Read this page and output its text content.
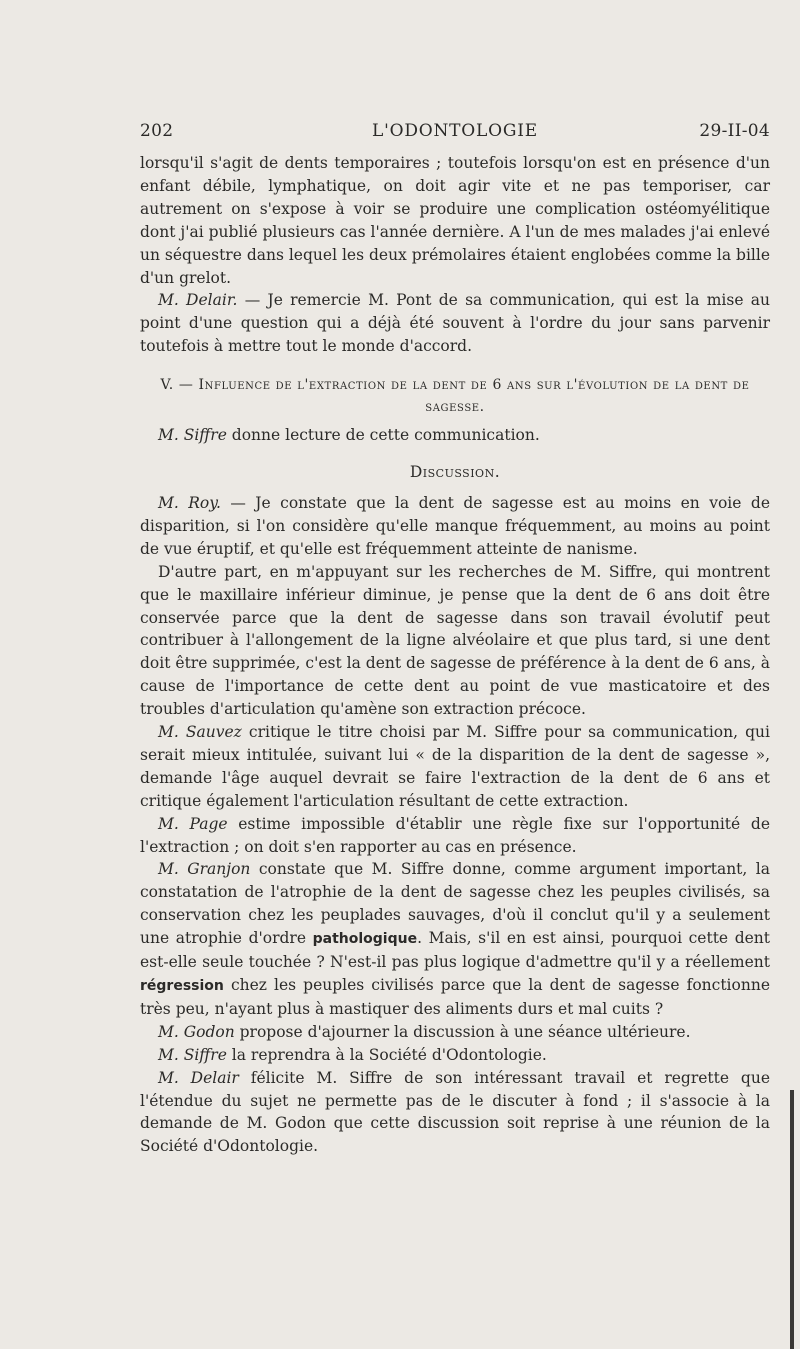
202	L'ODONTOLOGIE	29-II-04

lorsqu'il s'agit de dents temporaires ; toutefois lorsqu'on est en présence d'un enfant débile, lymphatique, on doit agir vite et ne pas temporiser, car autrement on s'expose à voir se produire une complication ostéomyélitique dont j'ai publié plusieurs cas l'année dernière. A l'un de mes malades j'ai enlevé un séquestre dans lequel les deux prémolaires étaient englobées comme la bille d'un grelot.

M. Delair. — Je remercie M. Pont de sa communication, qui est la mise au point d'une question qui a déjà été souvent à l'ordre du jour sans parvenir toutefois à mettre tout le monde d'accord.

V. — Influence de l'extraction de la dent de 6 ans sur l'évolution de la dent de sagesse.

M. Siffre donne lecture de cette communication.

Discussion.

M. Roy. — Je constate que la dent de sagesse est au moins en voie de disparition, si l'on considère qu'elle manque fréquemment, au moins au point de vue éruptif, et qu'elle est fréquemment atteinte de nanisme.

D'autre part, en m'appuyant sur les recherches de M. Siffre, qui montrent que le maxillaire inférieur diminue, je pense que la dent de 6 ans doit être conservée parce que la dent de sagesse dans son travail évolutif peut contribuer à l'allongement de la ligne alvéolaire et que plus tard, si une dent doit être supprimée, c'est la dent de sagesse de préférence à la dent de 6 ans, à cause de l'importance de cette dent au point de vue masticatoire et des troubles d'articulation qu'amène son extraction précoce.

M. Sauvez critique le titre choisi par M. Siffre pour sa communication, qui serait mieux intitulée, suivant lui « de la disparition de la dent de sagesse », demande l'âge auquel devrait se faire l'extraction de la dent de 6 ans et critique également l'articulation résultant de cette extraction.

M. Page estime impossible d'établir une règle fixe sur l'opportunité de l'extraction ; on doit s'en rapporter au cas en présence.

M. Granjon constate que M. Siffre donne, comme argument important, la constatation de l'atrophie de la dent de sagesse chez les peuples civilisés, sa conservation chez les peuplades sauvages, d'où il conclut qu'il y a seulement une atrophie d'ordre pathologique. Mais, s'il en est ainsi, pourquoi cette dent est-elle seule touchée ? N'est-il pas plus logique d'admettre qu'il y a réellement régression chez les peuples civilisés parce que la dent de sagesse fonctionne très peu, n'ayant plus à mastiquer des aliments durs et mal cuits ?

M. Godon propose d'ajourner la discussion à une séance ultérieure.

M. Siffre la reprendra à la Société d'Odontologie.

M. Delair félicite M. Siffre de son intéressant travail et regrette que l'étendue du sujet ne permette pas de le discuter à fond ; il s'associe à la demande de M. Godon que cette discussion soit reprise à une réunion de la Société d'Odontologie.
